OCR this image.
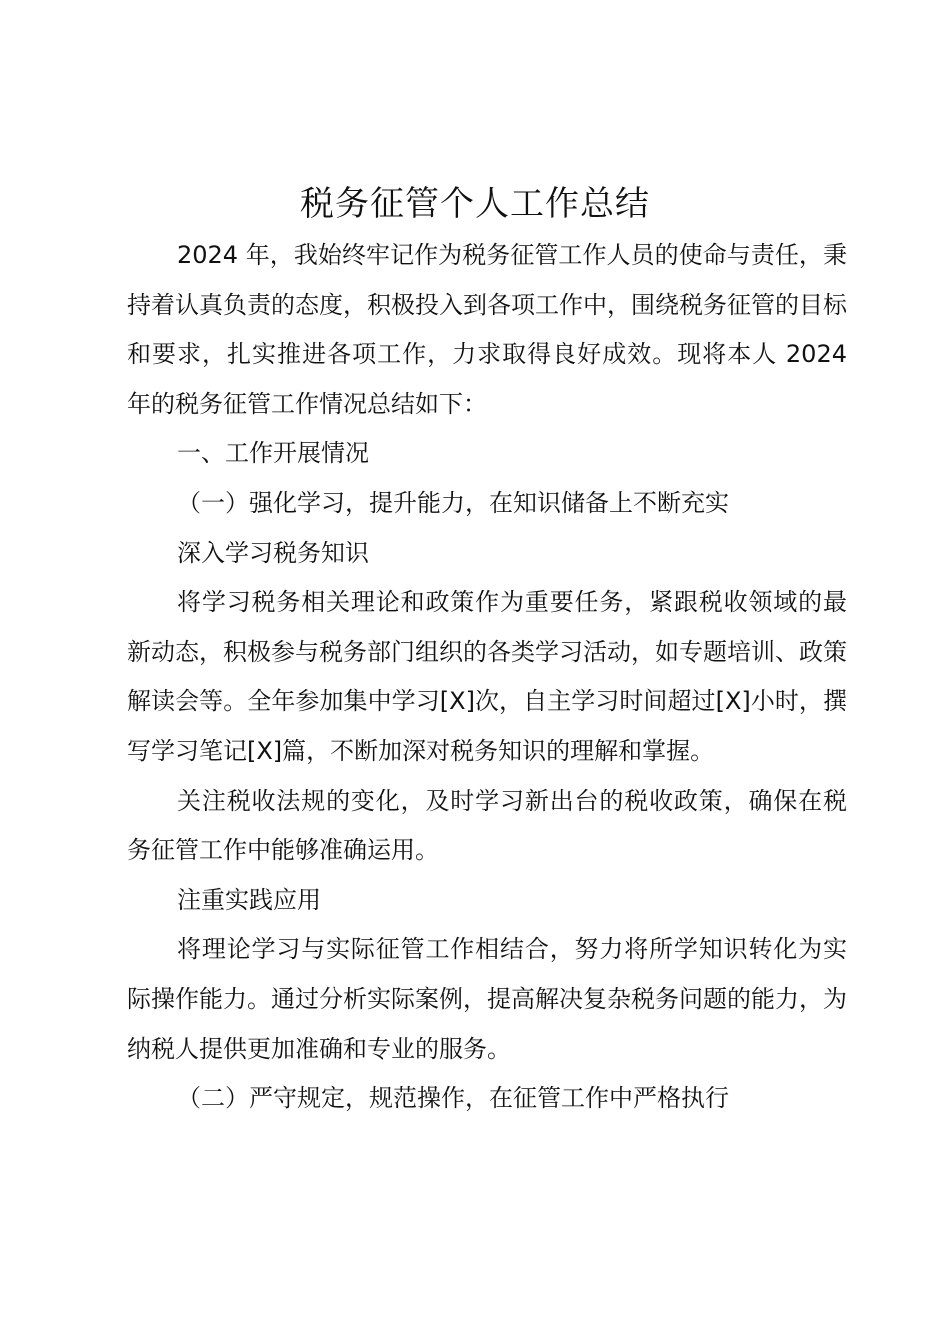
税务征管个人工作总结

2024 年，我始终牢记作为税务征管工作人员的使命与责任，秉持着认真负责的态度，积极投入到各项工作中，围绕税务征管的目标和要求，扎实推进各项工作，力求取得良好成效。现将本人 2024 年的税务征管工作情况总结如下：

一、工作开展情况

（一）强化学习，提升能力，在知识储备上不断充实

深入学习税务知识

将学习税务相关理论和政策作为重要任务，紧跟税收领域的最新动态，积极参与税务部门组织的各类学习活动，如专题培训、政策解读会等。全年参加集中学习[X]次，自主学习时间超过[X]小时，撰写学习笔记[X]篇，不断加深对税务知识的理解和掌握。

关注税收法规的变化，及时学习新出台的税收政策，确保在税务征管工作中能够准确运用。

注重实践应用

将理论学习与实际征管工作相结合，努力将所学知识转化为实际操作能力。通过分析实际案例，提高解决复杂税务问题的能力，为纳税人提供更加准确和专业的服务。

（二）严守规定，规范操作，在征管工作中严格执行
